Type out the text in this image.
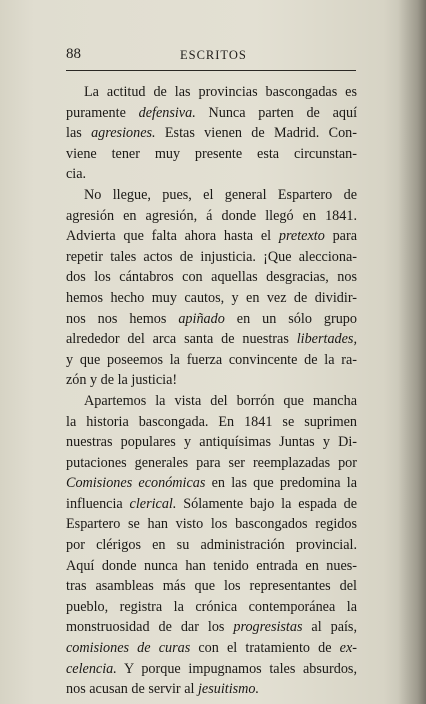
88	ESCRITOS
La actitud de las provincias bascongadas es
puramente defensiva. Nunca parten de aquí
las agresiones. Estas vienen de Madrid. Con-
viene tener muy presente esta circunstan-
cia.
No llegue, pues, el general Espartero de
agresión en agresión, á donde llegó en 1841.
Advierta que falta ahora hasta el pretexto para
repetir tales actos de injusticia. ¡Que alecciona-
dos los cántabros con aquellas desgracias, nos
hemos hecho muy cautos, y en vez de dividir-
nos nos hemos apiñado en un sólo grupo
alrededor del arca santa de nuestras libertades,
y que poseemos la fuerza convincente de la ra-
zón y de la justicia!
Apartemos la vista del borrón que mancha
la historia bascongada. En 1841 se suprimen
nuestras populares y antiquísimas Juntas y Di-
putaciones generales para ser reemplazadas por
Comisiones económicas en las que predomina la
influencia clerical. Sólamente bajo la espada de
Espartero se han visto los bascongados regidos
por clérigos en su administración provincial.
Aquí donde nunca han tenido entrada en nues-
tras asambleas más que los representantes del
pueblo, registra la crónica contemporánea la
monstruosidad de dar los progresistas al país,
comisiones de curas con el tratamiento de ex-
celencia. Y porque impugnamos tales absurdos,
nos acusan de servir al jesuitismo.
